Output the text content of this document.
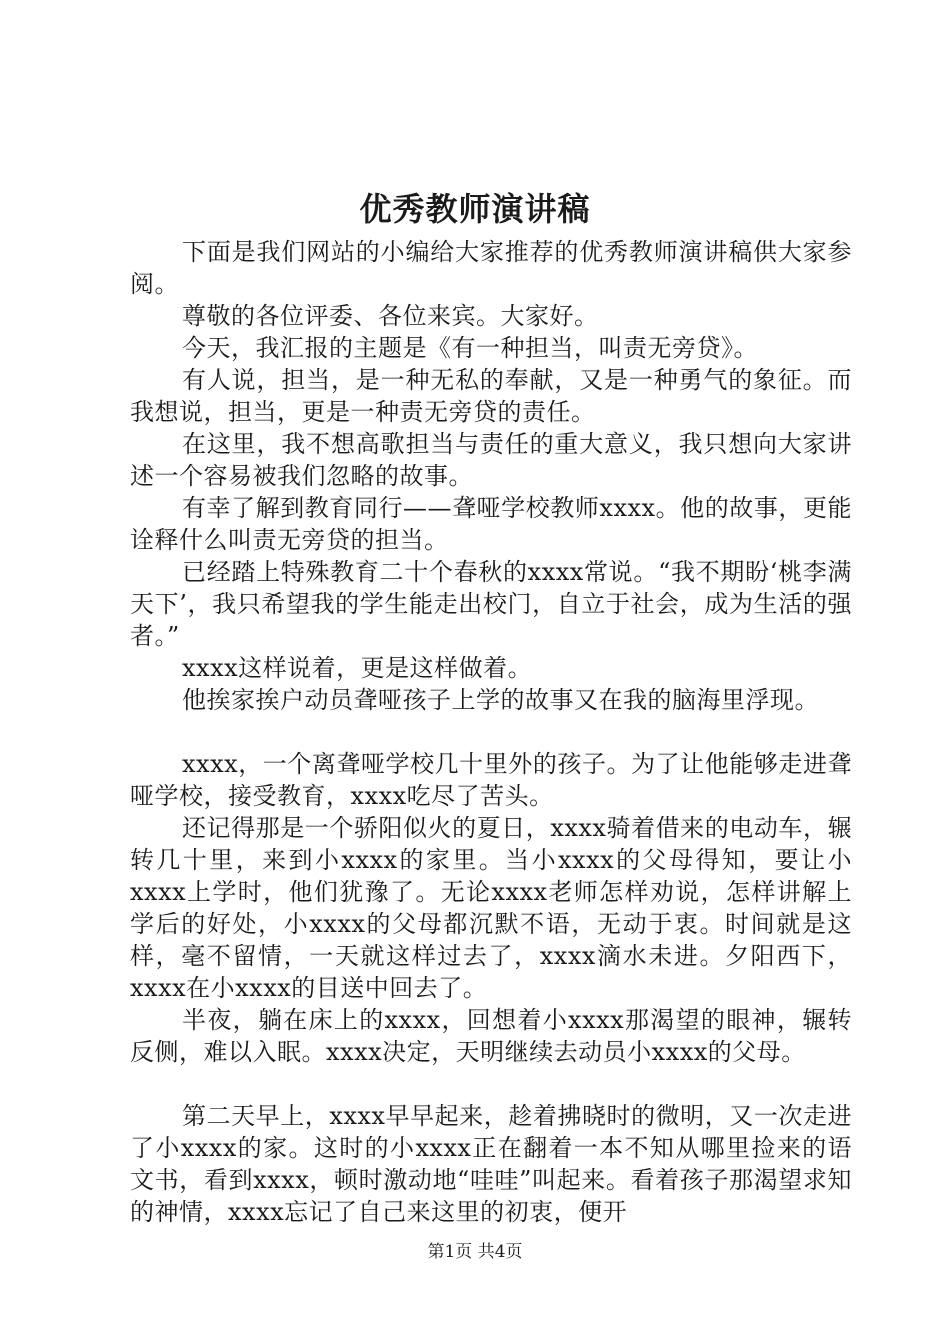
优秀教师演讲稿

下面是我们网站的小编给大家推荐的优秀教师演讲稿供大家参阅。

尊敬的各位评委、各位来宾。大家好。

今天，我汇报的主题是《有一种担当，叫责无旁贷》。

有人说，担当，是一种无私的奉献，又是一种勇气的象征。而我想说，担当，更是一种责无旁贷的责任。

在这里，我不想高歌担当与责任的重大意义，我只想向大家讲述一个容易被我们忽略的故事。

有幸了解到教育同行——聋哑学校教师xxxx。他的故事，更能诠释什么叫责无旁贷的担当。

已经踏上特殊教育二十个春秋的xxxx常说。“我不期盼‘桃李满天下’，我只希望我的学生能走出校门，自立于社会，成为生活的强者。”

xxxx这样说着，更是这样做着。

他挨家挨户动员聋哑孩子上学的故事又在我的脑海里浮现。

xxxx，一个离聋哑学校几十里外的孩子。为了让他能够走进聋哑学校，接受教育，xxxx吃尽了苦头。

还记得那是一个骄阳似火的夏日，xxxx骑着借来的电动车，辗转几十里，来到小xxxx的家里。当小xxxx的父母得知，要让小xxxx上学时，他们犹豫了。无论xxxx老师怎样劝说，怎样讲解上学后的好处，小xxxx的父母都沉默不语，无动于衷。时间就是这样，毫不留情，一天就这样过去了，xxxx滴水未进。夕阳西下，xxxx在小xxxx的目送中回去了。

半夜，躺在床上的xxxx，回想着小xxxx那渴望的眼神，辗转反侧，难以入眠。xxxx决定，天明继续去动员小xxxx的父母。

第二天早上，xxxx早早起来，趁着拂晓时的微明，又一次走进了小xxxx的家。这时的小xxxx正在翻着一本不知从哪里捡来的语文书，看到xxxx，顿时激动地“哇哇”叫起来。看着孩子那渴望求知的神情，xxxx忘记了自己来这里的初衷，便开

第1页 共4页
